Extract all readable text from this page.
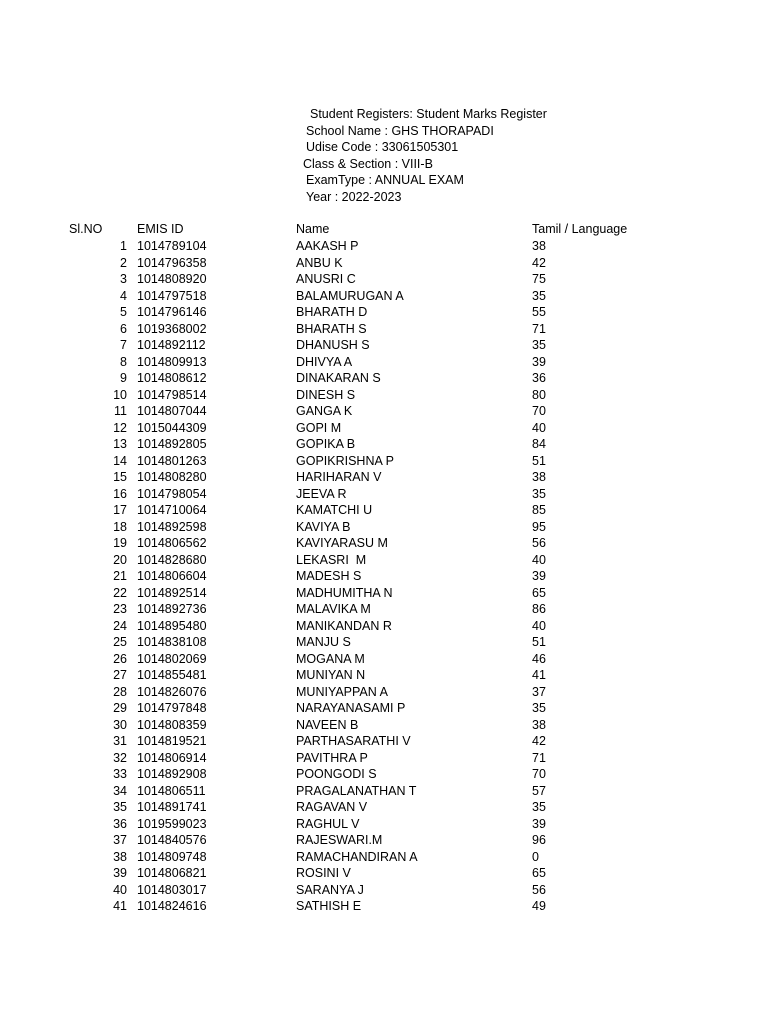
Student Registers: Student Marks Register
School Name : GHS THORAPADI
Udise Code : 33061505301
Class & Section : VIII-B
ExamType : ANNUAL EXAM
Year : 2022-2023
Sl.NO	EMIS ID	Name	Tamil / Language
1 1014789104	AAKASH P	38
2 1014796358	ANBU K	42
3 1014808920	ANUSRI C	75
4 1014797518	BALAMURUGAN A	35
5 1014796146	BHARATH D	55
6 1019368002	BHARATH S	71
7 1014892112	DHANUSH S	35
8 1014809913	DHIVYA A	39
9 1014808612	DINAKARAN S	36
10 1014798514	DINESH S	80
11 1014807044	GANGA K	70
12 1015044309	GOPI M	40
13 1014892805	GOPIKA B	84
14 1014801263	GOPIKRISHNA P	51
15 1014808280	HARIHARAN V	38
16 1014798054	JEEVA R	35
17 1014710064	KAMATCHI U	85
18 1014892598	KAVIYA B	95
19 1014806562	KAVIYARASU M	56
20 1014828680	LEKASRI  M	40
21 1014806604	MADESH S	39
22 1014892514	MADHUMITHA N	65
23 1014892736	MALAVIKA M	86
24 1014895480	MANIKANDAN R	40
25 1014838108	MANJU S	51
26 1014802069	MOGANA M	46
27 1014855481	MUNIYAN N	41
28 1014826076	MUNIYAPPAN A	37
29 1014797848	NARAYANASAMI P	35
30 1014808359	NAVEEN B	38
31 1014819521	PARTHASARATHI V	42
32 1014806914	PAVITHRA P	71
33 1014892908	POONGODI S	70
34 1014806511	PRAGALANATHAN T	57
35 1014891741	RAGAVAN V	35
36 1019599023	RAGHUL V	39
37 1014840576	RAJESWARI.M	96
38 1014809748	RAMACHANDIRAN A	0
39 1014806821	ROSINI V	65
40 1014803017	SARANYA J	56
41 1014824616	SATHISH E	49
